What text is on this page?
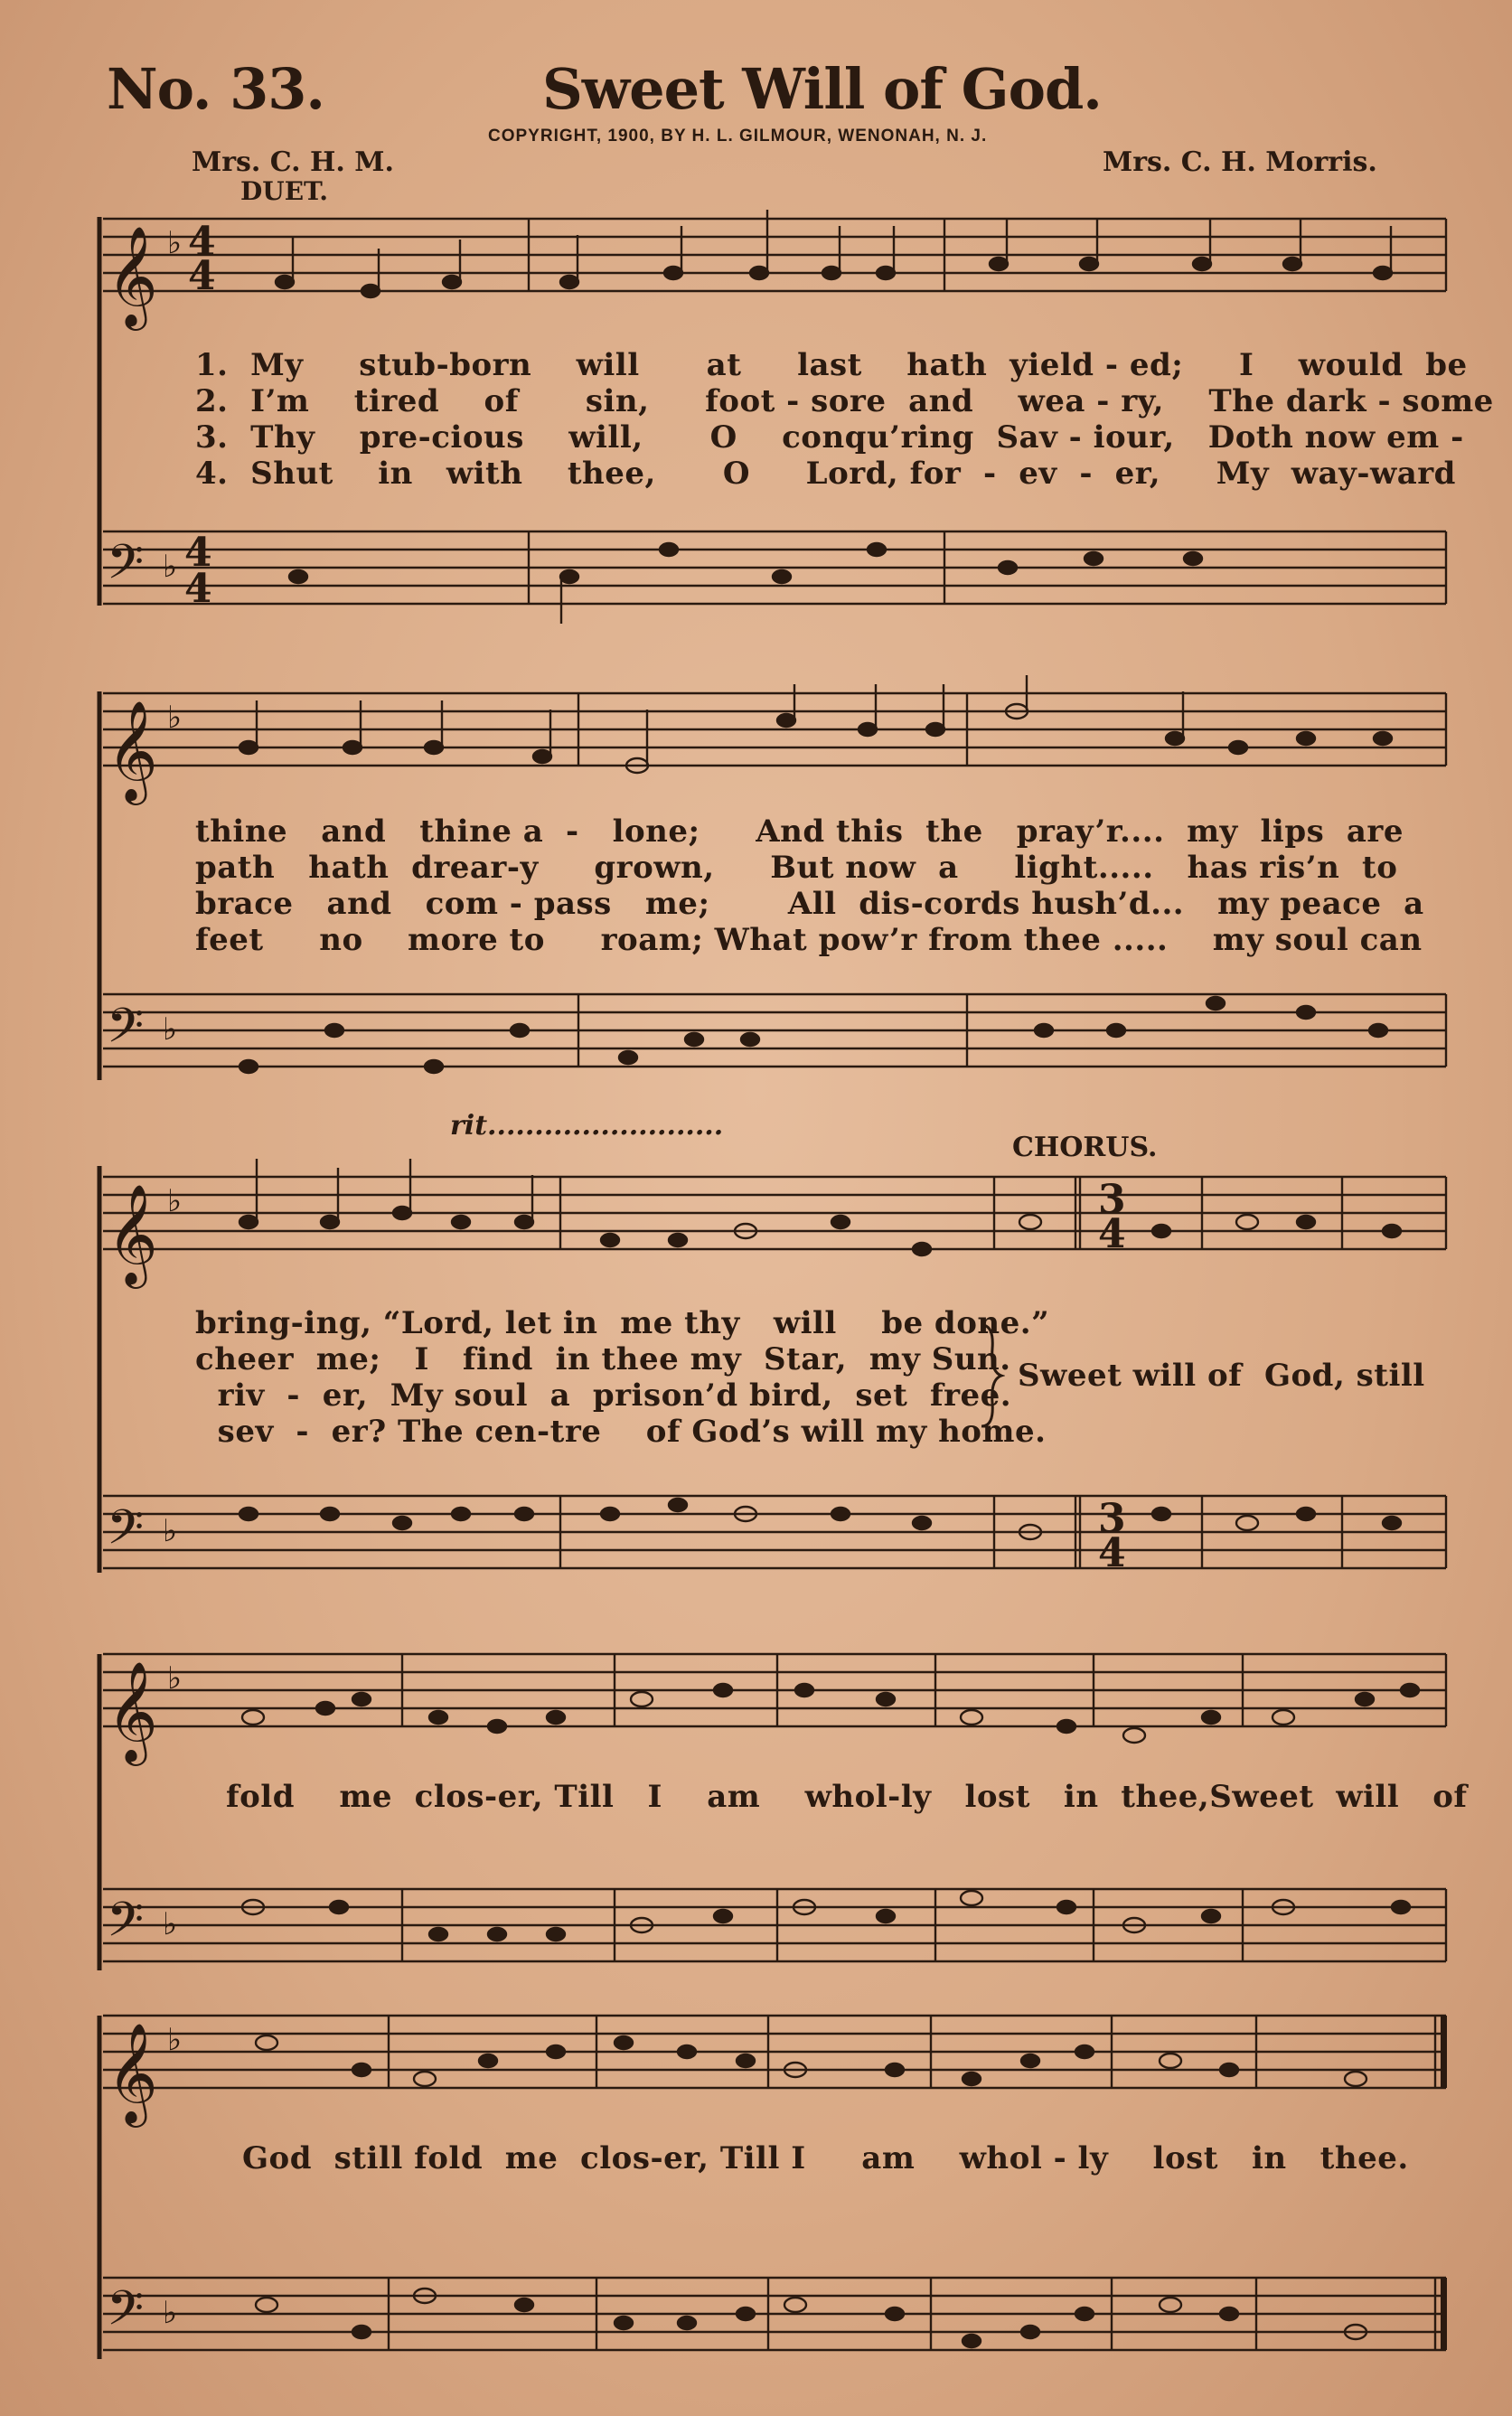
No. 33.	Sweet Will of God.
COPYRIGHT, 1900, BY H. L. GILMOUR, WENONAH, N. J.
Mrs. C. H. M.
DUET.
Mrs. C. H. Morris.
𝄞 ♭ 4
4
𝄢 ♭ 4
4
1.  My     stub-born    will      at     last    hath  yield - ed;     I    would  be
2.  I’m    tired    of      sin,     foot - sore  and    wea - ry,    The dark - some
3.  Thy    pre-cious    will,      O    conqu’ring  Sav - iour,   Doth now em -
4.  Shut    in   with    thee,      O     Lord, for  -  ev  -  er,     My  way-ward
𝄞 ♭
𝄢 ♭
thine   and   thine a  -   lone;     And this  the   pray’r....  my  lips  are
path   hath  drear-y     grown,     But now  a     light.....   has ris’n  to
brace   and   com - pass   me;       All  dis-cords hush’d...   my peace  a
feet     no    more to     roam; What pow’r from thee .....    my soul can
rit.........................
CHORUS.
𝄞 ♭	3
4
𝄢 ♭	3
4
bring-ing, “Lord, let in  me thy   will    be done.”
cheer  me;   I   find  in thee my  Star,  my Sun.
riv  -  er,  My soul  a  prison’d bird,  set  free.
sev  -  er? The cen-tre    of God’s will my home.
Sweet will of  God, still
𝄞 ♭
𝄢 ♭
fold    me  clos-er, Till   I    am    whol-ly   lost   in  thee,Sweet  will   of
𝄞 ♭
𝄢 ♭
God  still fold  me  clos-er, Till I     am    whol - ly    lost   in   thee.
